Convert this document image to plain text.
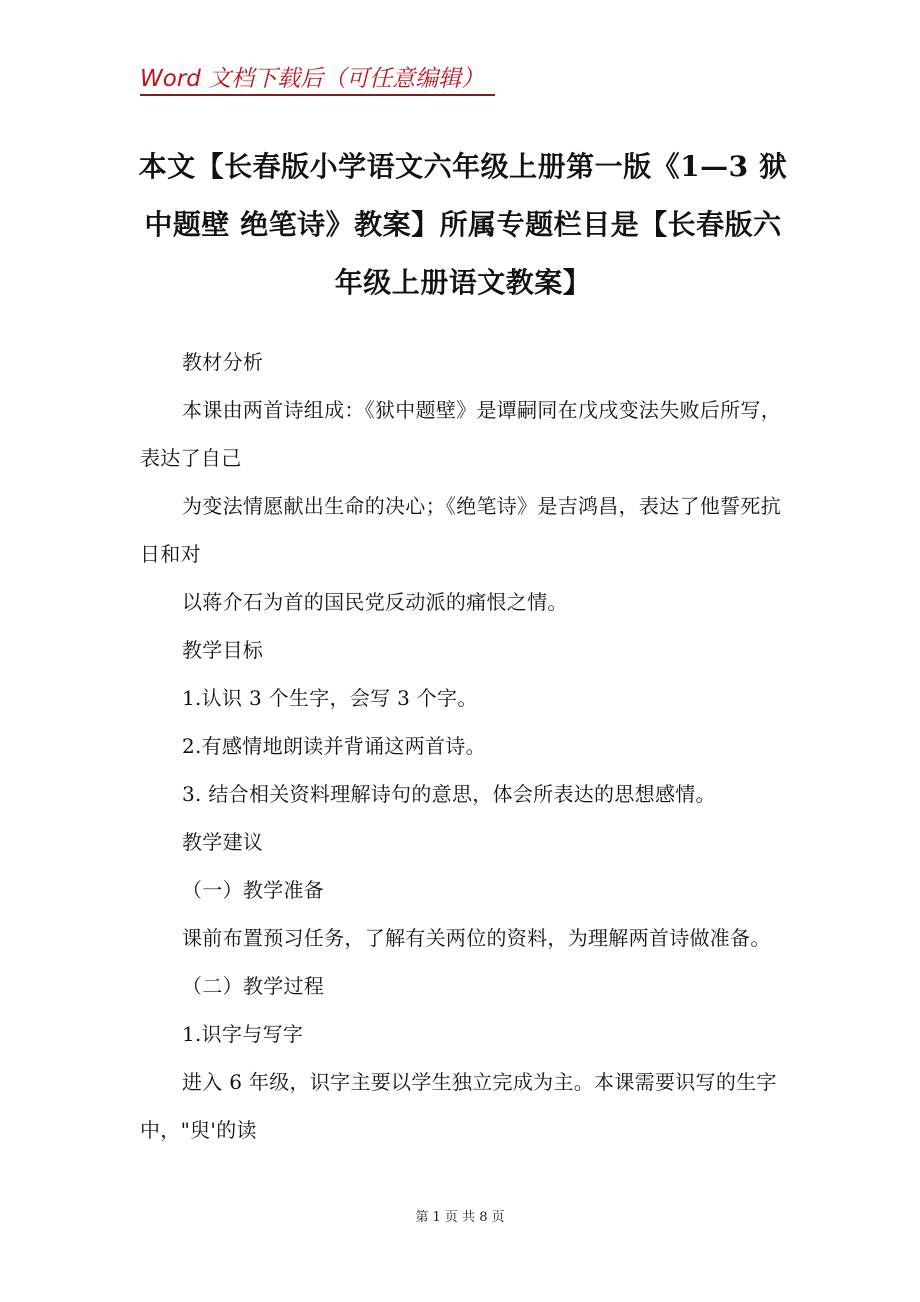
Word 文档下载后（可任意编辑）
本文【长春版小学语文六年级上册第一版《1—3 狱中题壁 绝笔诗》教案】所属专题栏目是【长春版六年级上册语文教案】
教材分析
本课由两首诗组成：《狱中题壁》是谭嗣同在戊戌变法失败后所写，表达了自己
为变法情愿献出生命的决心；《绝笔诗》是吉鸿昌，表达了他誓死抗日和对
以蒋介石为首的国民党反动派的痛恨之情。
教学目标
1.认识 3 个生字，会写 3 个字。
2.有感情地朗读并背诵这两首诗。
3. 结合相关资料理解诗句的意思，体会所表达的思想感情。
教学建议
（一）教学准备
课前布置预习任务，了解有关两位的资料，为理解两首诗做准备。
（二）教学过程
1.识字与写字
进入 6 年级，识字主要以学生独立完成为主。本课需要识写的生字中，"臾'的读
第 1 页 共 8 页
